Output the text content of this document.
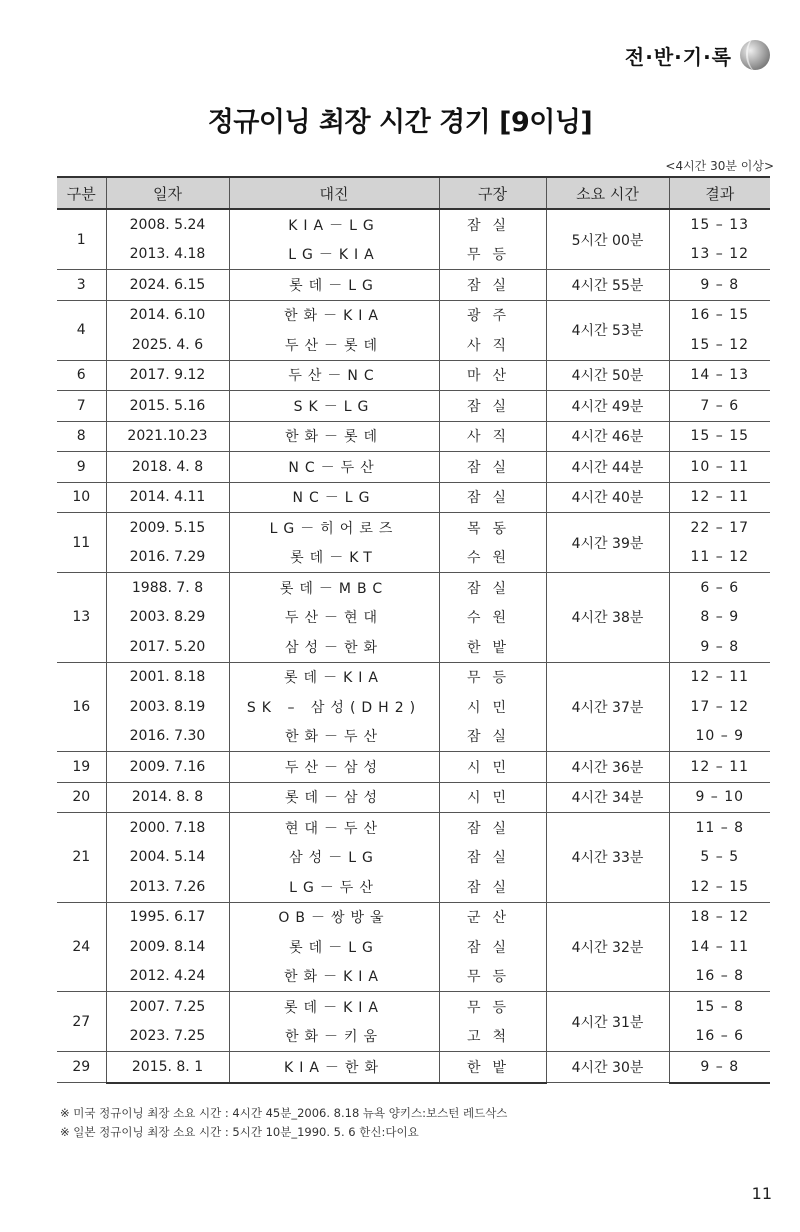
전·반·기·록
정규이닝 최장 시간 경기 [9이닝]
<4시간 30분 이상>
구분	일자	대진	구장	소요 시간	결과
1	2008. 5.24	KIA－LG	잠실	5시간 00분	15 – 13
	2013. 4.18	LG－KIA	무등		13 – 12
3	2024. 6.15	롯데－LG	잠실	4시간 55분	9 – 8
4	2014. 6.10	한화－KIA	광주	4시간 53분	16 – 15
	2025. 4. 6	두산－롯데	사직		15 – 12
6	2017. 9.12	두산－NC	마산	4시간 50분	14 – 13
7	2015. 5.16	SK－LG	잠실	4시간 49분	7 – 6
8	2021.10.23	한화－롯데	사직	4시간 46분	15 – 15
9	2018. 4. 8	NC－두산	잠실	4시간 44분	10 – 11
10	2014. 4.11	NC－LG	잠실	4시간 40분	12 – 11
11	2009. 5.15	LG－히어로즈	목동	4시간 39분	22 – 17
	2016. 7.29	롯데－KT	수원		11 – 12
13	1988. 7. 8	롯데－MBC	잠실	4시간 38분	6 – 6
	2003. 8.29	두산－현대	수원		8 – 9
	2017. 5.20	삼성－한화	한밭		9 – 8
16	2001. 8.18	롯데－KIA	무등	4시간 37분	12 – 11
	2003. 8.19	SK – 삼성(DH2)	시민		17 – 12
	2016. 7.30	한화－두산	잠실		10 – 9
19	2009. 7.16	두산－삼성	시민	4시간 36분	12 – 11
20	2014. 8. 8	롯데－삼성	시민	4시간 34분	9 – 10
21	2000. 7.18	현대－두산	잠실	4시간 33분	11 – 8
	2004. 5.14	삼성－LG	잠실		5 – 5
	2013. 7.26	LG－두산	잠실		12 – 15
24	1995. 6.17	OB－쌍방울	군산	4시간 32분	18 – 12
	2009. 8.14	롯데－LG	잠실		14 – 11
	2012. 4.24	한화－KIA	무등		16 – 8
27	2007. 7.25	롯데－KIA	무등	4시간 31분	15 – 8
	2023. 7.25	한화－키움	고척		16 – 6
29	2015. 8. 1	KIA－한화	한밭	4시간 30분	9 – 8
※ 미국 정규이닝 최장 소요 시간 : 4시간 45분_2006. 8.18 뉴욕 양키스:보스턴 레드삭스
※ 일본 정규이닝 최장 소요 시간 : 5시간 10분_1990. 5. 6 한신:다이요
11
